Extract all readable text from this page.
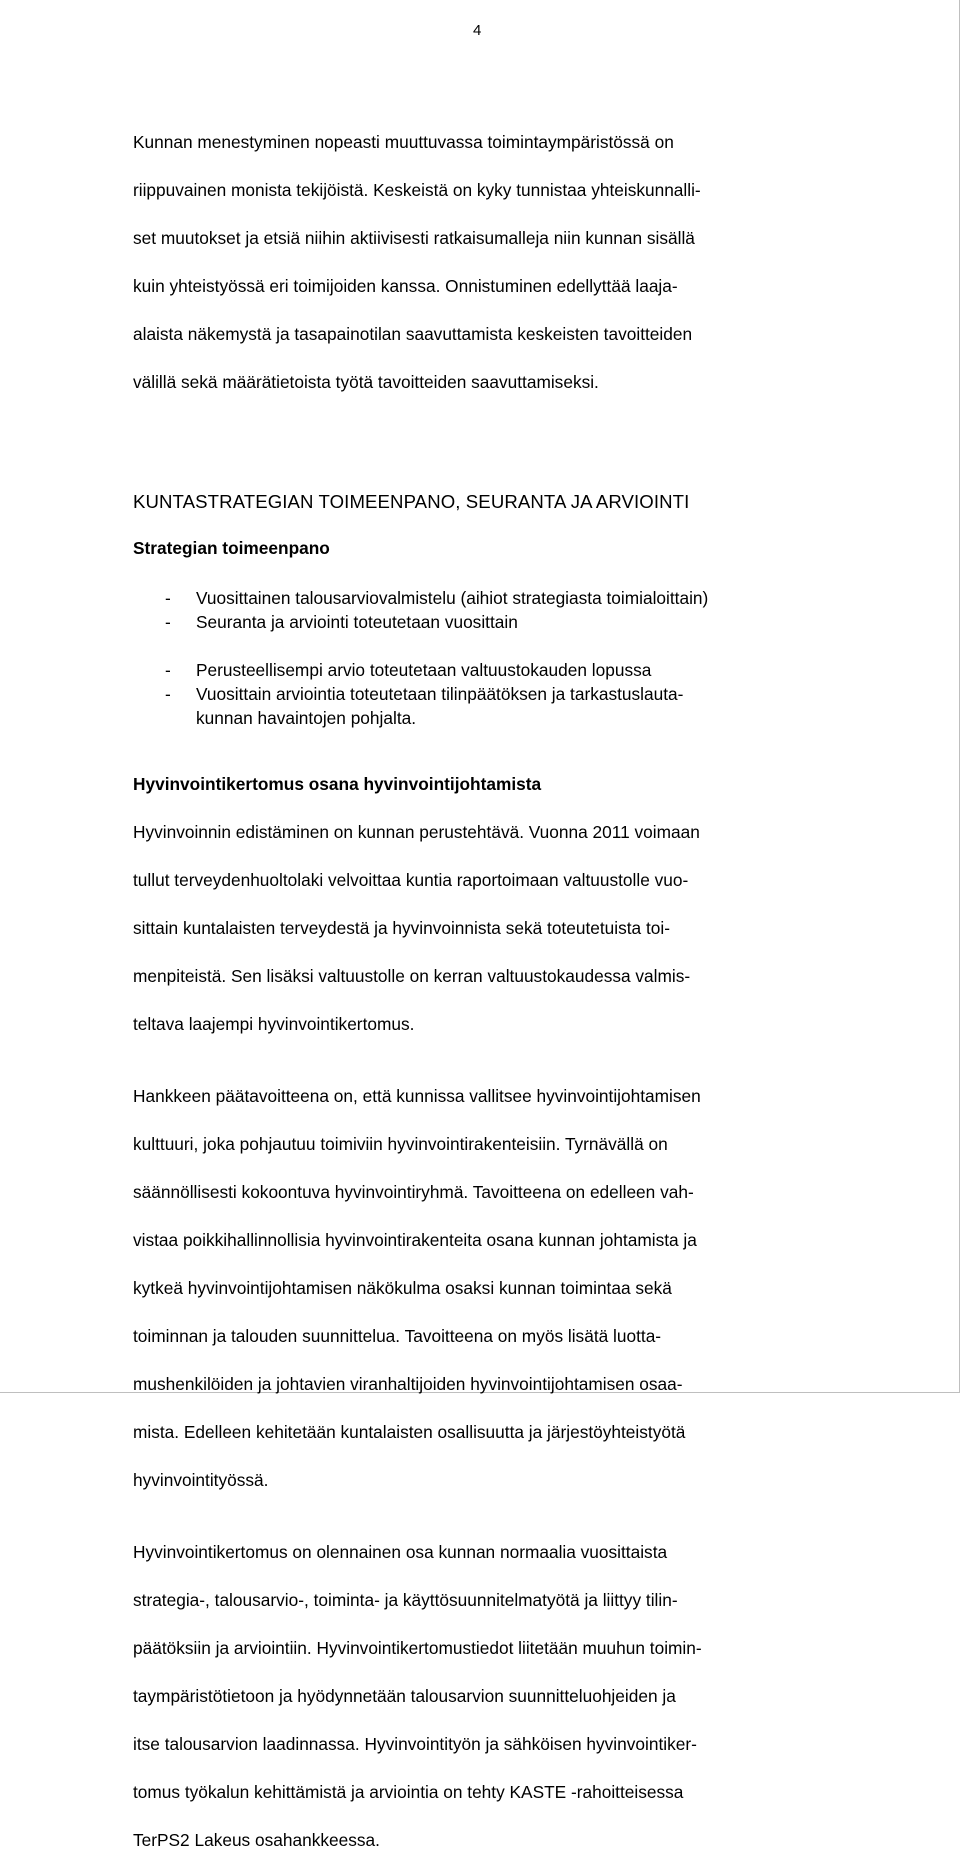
4

Kunnan menestyminen nopeasti muuttuvassa toimintaympäristössä on

riippuvainen monista tekijöistä. Keskeistä on kyky tunnistaa yhteiskunnalli-

set muutokset ja etsiä niihin aktiivisesti ratkaisumalleja niin kunnan sisällä

kuin yhteistyössä eri toimijoiden kanssa. Onnistuminen edellyttää laaja-

alaista näkemystä ja tasapainotilan saavuttamista keskeisten tavoitteiden

välillä sekä määrätietoista työtä tavoitteiden saavuttamiseksi.

KUNTASTRATEGIAN TOIMEENPANO, SEURANTA JA ARVIOINTI
Strategian toimeenpano
- Vuosittainen talousarviovalmistelu (aihiot strategiasta toimialoittain)
- Seuranta ja arviointi toteutetaan vuosittain
- Perusteellisempi arvio toteutetaan valtuustokauden lopussa
- Vuosittain arviointia toteutetaan tilinpäätöksen ja tarkastuslauta-
kunnan havaintojen pohjalta.
Hyvinvointikertomus osana hyvinvointijohtamista

Hyvinvoinnin edistäminen on kunnan perustehtävä. Vuonna 2011 voimaan

tullut terveydenhuoltolaki velvoittaa kuntia raportoimaan valtuustolle vuo-

sittain kuntalaisten terveydestä ja hyvinvoinnista sekä toteutetuista toi-

menpiteistä. Sen lisäksi valtuustolle on kerran valtuustokaudessa valmis-

teltava laajempi hyvinvointikertomus.

Hankkeen päätavoitteena on, että kunnissa vallitsee hyvinvointijohtamisen

kulttuuri, joka pohjautuu toimiviin hyvinvointirakenteisiin. Tyrnävällä on

säännöllisesti kokoontuva hyvinvointiryhmä. Tavoitteena on edelleen vah-

vistaa poikkihallinnollisia hyvinvointirakenteita osana kunnan johtamista ja

kytkeä hyvinvointijohtamisen näkökulma osaksi kunnan toimintaa sekä

toiminnan ja talouden suunnittelua. Tavoitteena on myös lisätä luotta-

mushenkilöiden ja johtavien viranhaltijoiden hyvinvointijohtamisen osaa-

mista. Edelleen kehitetään kuntalaisten osallisuutta ja järjestöyhteistyötä

hyvinvointityössä.

Hyvinvointikertomus on olennainen osa kunnan normaalia vuosittaista

strategia-, talousarvio-, toiminta- ja käyttösuunnitelmatyötä ja liittyy tilin-

päätöksiin ja arviointiin. Hyvinvointikertomustiedot liitetään muuhun toimin-

taympäristötietoon ja hyödynnetään talousarvion suunnitteluohjeiden ja

itse talousarvion laadinnassa. Hyvinvointityön ja sähköisen hyvinvointiker-

tomus työkalun kehittämistä ja arviointia on tehty KASTE -rahoitteisessa

TerPS2 Lakeus osahankkeessa.
